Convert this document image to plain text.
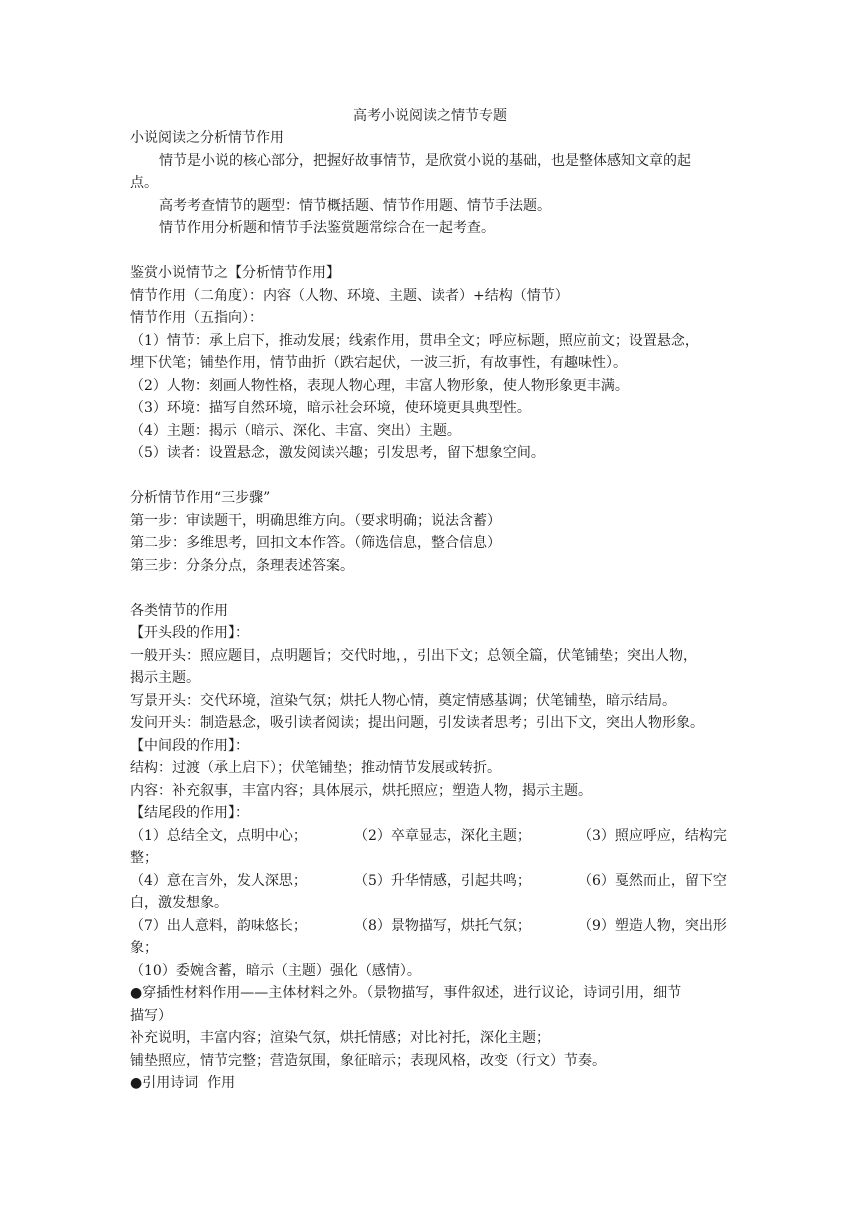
高考小说阅读之情节专题
小说阅读之分析情节作用
情节是小说的核心部分，把握好故事情节，是欣赏小说的基础，也是整体感知文章的起
点。
高考考查情节的题型：情节概括题、情节作用题、情节手法题。
情节作用分析题和情节手法鉴赏题常综合在一起考查。
鉴赏小说情节之【分析情节作用】
情节作用（二角度）：内容（人物、环境、主题、读者）+结构（情节）
情节作用（五指向）：
（1）情节：承上启下，推动发展；线索作用，贯串全文；呼应标题，照应前文；设置悬念，
埋下伏笔；铺垫作用，情节曲折（跌宕起伏，一波三折，有故事性，有趣味性）。
（2）人物：刻画人物性格，表现人物心理，丰富人物形象，使人物形象更丰满。
（3）环境：描写自然环境，暗示社会环境，使环境更具典型性。
（4）主题：揭示（暗示、深化、丰富、突出）主题。
（5）读者：设置悬念，激发阅读兴趣；引发思考，留下想象空间。
分析情节作用“三步骤”
第一步：审读题干，明确思维方向。（要求明确；说法含蓄）
第二步：多维思考，回扣文本作答。（筛选信息，整合信息）
第三步：分条分点，条理表述答案。
各类情节的作用
【开头段的作用】：
一般开头：照应题目，点明题旨；交代时地，，引出下文；总领全篇，伏笔铺垫；突出人物，
揭示主题。
写景开头：交代环境，渲染气氛；烘托人物心情，奠定情感基调；伏笔铺垫，暗示结局。
发问开头：制造悬念，吸引读者阅读；提出问题，引发读者思考；引出下文，突出人物形象。
【中间段的作用】：
结构：过渡（承上启下）；伏笔铺垫；推动情节发展或转折。
内容：补充叙事，丰富内容；具体展示，烘托照应；塑造人物，揭示主题。
【结尾段的作用】：
（1）总结全文，点明中心；	（2）卒章显志，深化主题；	（3）照应呼应，结构完
整；
（4）意在言外，发人深思；	（5）升华情感，引起共鸣；	（6）戛然而止，留下空
白，激发想象。
（7）出人意料，韵味悠长；	（8）景物描写，烘托气氛；	（9）塑造人物，突出形
象；
（10）委婉含蓄，暗示（主题）强化（感情）。
●穿插性材料作用——主体材料之外。（景物描写，事件叙述，进行议论，诗词引用，细节
描写）
补充说明，丰富内容；渲染气氛，烘托情感；对比衬托，深化主题；
铺垫照应，情节完整；营造氛围，象征暗示；表现风格，改变（行文）节奏。
●引用诗词  作用
